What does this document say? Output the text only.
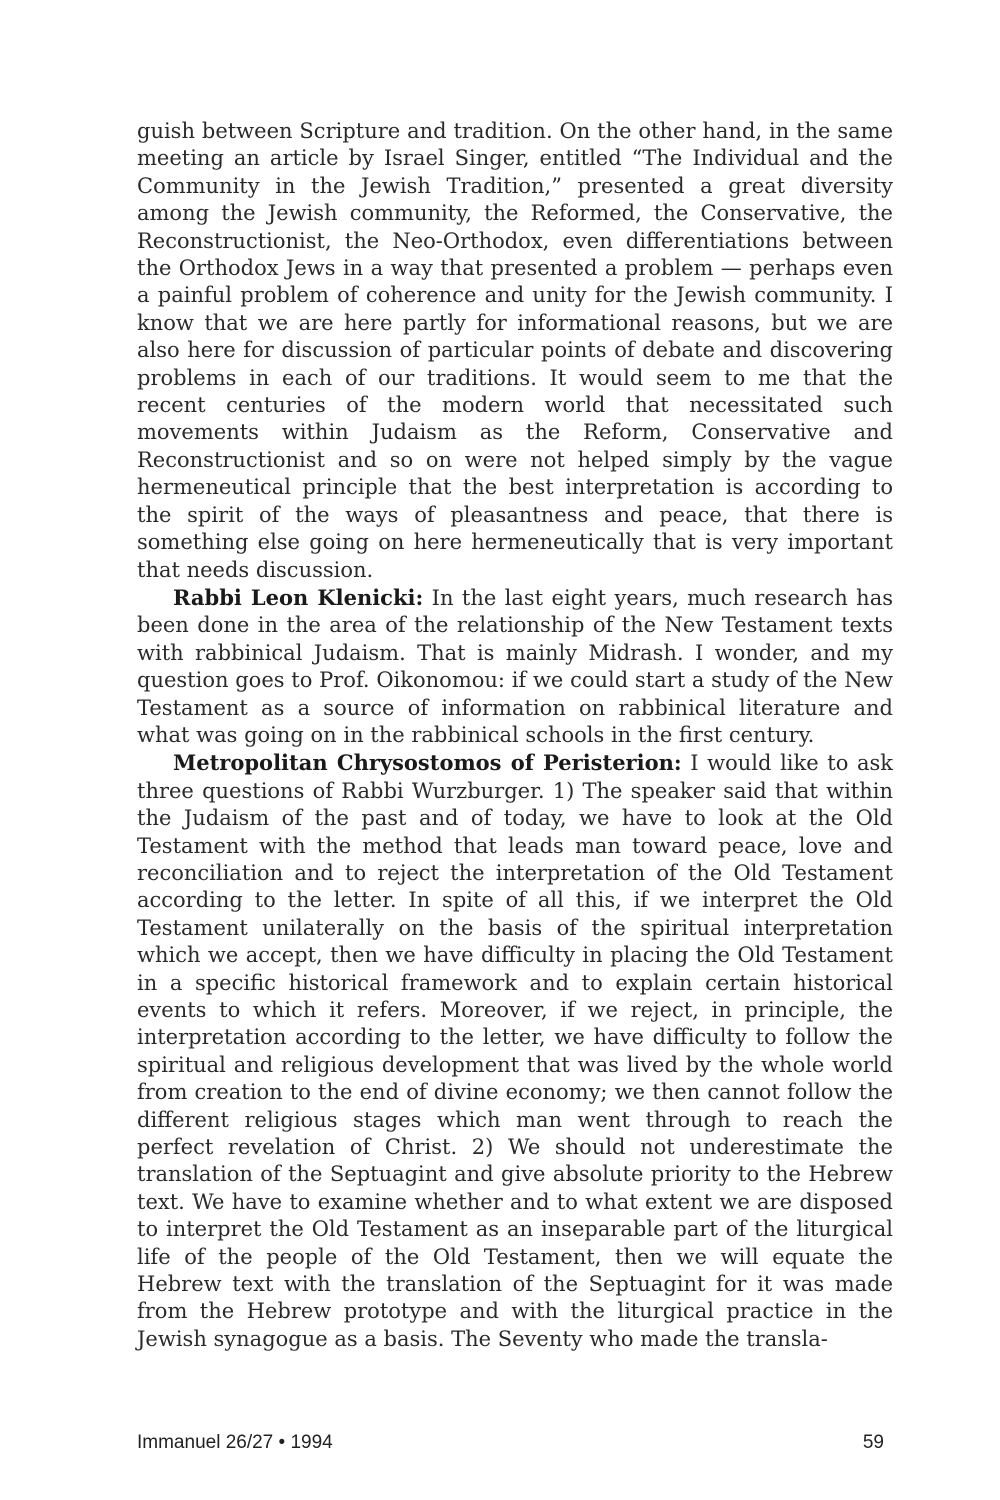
guish between Scripture and tradition. On the other hand, in the same meeting an article by Israel Singer, entitled “The Individual and the Community in the Jewish Tradition,” presented a great diversity among the Jewish community, the Reformed, the Conservative, the Reconstructionist, the Neo-Orthodox, even differentiations between the Orthodox Jews in a way that presented a problem — perhaps even a painful problem of coherence and unity for the Jewish community. I know that we are here partly for informational reasons, but we are also here for discussion of particular points of debate and discovering problems in each of our traditions. It would seem to me that the recent centuries of the modern world that necessitated such movements within Judaism as the Reform, Conservative and Reconstructionist and so on were not helped simply by the vague hermeneutical principle that the best interpretation is according to the spirit of the ways of pleasantness and peace, that there is something else going on here hermeneutically that is very important that needs discussion.

Rabbi Leon Klenicki: In the last eight years, much research has been done in the area of the relationship of the New Testament texts with rabbinical Judaism. That is mainly Midrash. I wonder, and my question goes to Prof. Oikonomou: if we could start a study of the New Testament as a source of information on rabbinical literature and what was going on in the rabbinical schools in the first century.

Metropolitan Chrysostomos of Peristerion: I would like to ask three questions of Rabbi Wurzburger. 1) The speaker said that within the Judaism of the past and of today, we have to look at the Old Testament with the method that leads man toward peace, love and reconciliation and to reject the interpretation of the Old Testament according to the letter. In spite of all this, if we interpret the Old Testament unilaterally on the basis of the spiritual interpretation which we accept, then we have difficulty in placing the Old Testament in a specific historical framework and to explain certain historical events to which it refers. Moreover, if we reject, in principle, the interpretation according to the letter, we have difficulty to follow the spiritual and religious development that was lived by the whole world from creation to the end of divine economy; we then cannot follow the different religious stages which man went through to reach the perfect revelation of Christ. 2) We should not underestimate the translation of the Septuagint and give absolute priority to the Hebrew text. We have to examine whether and to what extent we are disposed to interpret the Old Testament as an inseparable part of the liturgical life of the people of the Old Testament, then we will equate the Hebrew text with the translation of the Septuagint for it was made from the Hebrew prototype and with the liturgical practice in the Jewish synagogue as a basis. The Seventy who made the transla-

Immanuel 26/27 • 1994	59
